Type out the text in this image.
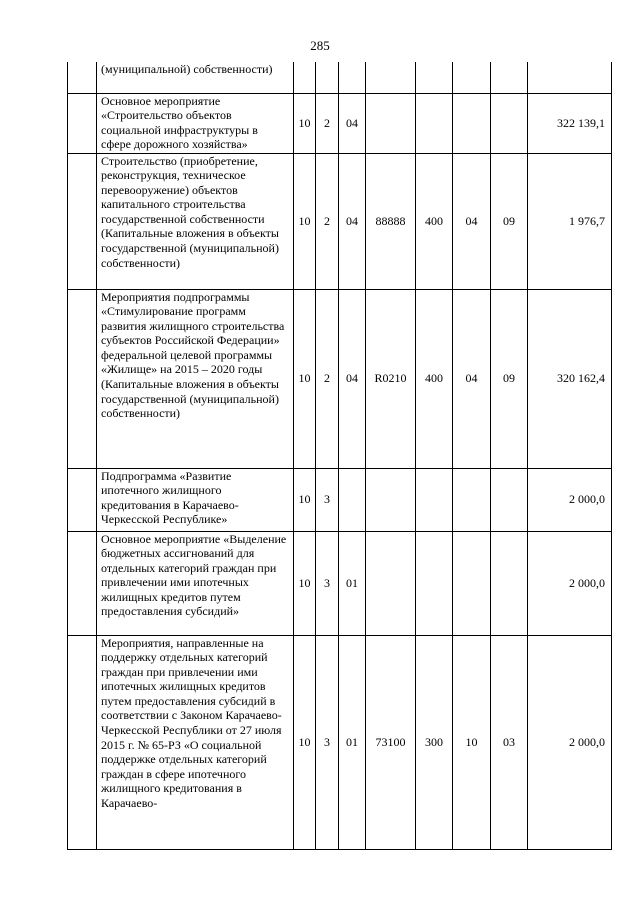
285
	(муниципальной) собственности)								
	Основное мероприятие «Строительство объектов социальной инфраструктуры в сфере дорожного хозяйства»	10	2	04					322 139,1
	Строительство (приобретение, реконструкция, техническое перевооружение) объектов капитального строительства государственной собственности (Капитальные вложения в объекты государственной (муниципальной) собственности)	10	2	04	88888	400	04	09	1 976,7
	Мероприятия подпрограммы «Стимулирование программ развития жилищного строительства субъектов Российской Федерации» федеральной целевой программы «Жилище» на 2015 – 2020 годы (Капитальные вложения в объекты государственной (муниципальной) собственности)	10	2	04	R0210	400	04	09	320 162,4
	Подпрограмма «Развитие ипотечного жилищного кредитования в Карачаево-Черкесской Республике»	10	3						2 000,0
	Основное мероприятие «Выделение бюджетных ассигнований для отдельных категорий граждан при привлечении ими ипотечных жилищных кредитов путем предоставления субсидий»	10	3	01					2 000,0
	Мероприятия, направленные на поддержку отдельных категорий граждан при привлечении ими ипотечных жилищных кредитов путем предоставления субсидий в соответствии с Законом Карачаево-Черкесской Республики от 27 июля 2015 г. № 65-РЗ «О социальной поддержке отдельных категорий граждан в сфере ипотечного жилищного кредитования в Карачаево-	10	3	01	73100	300	10	03	2 000,0
